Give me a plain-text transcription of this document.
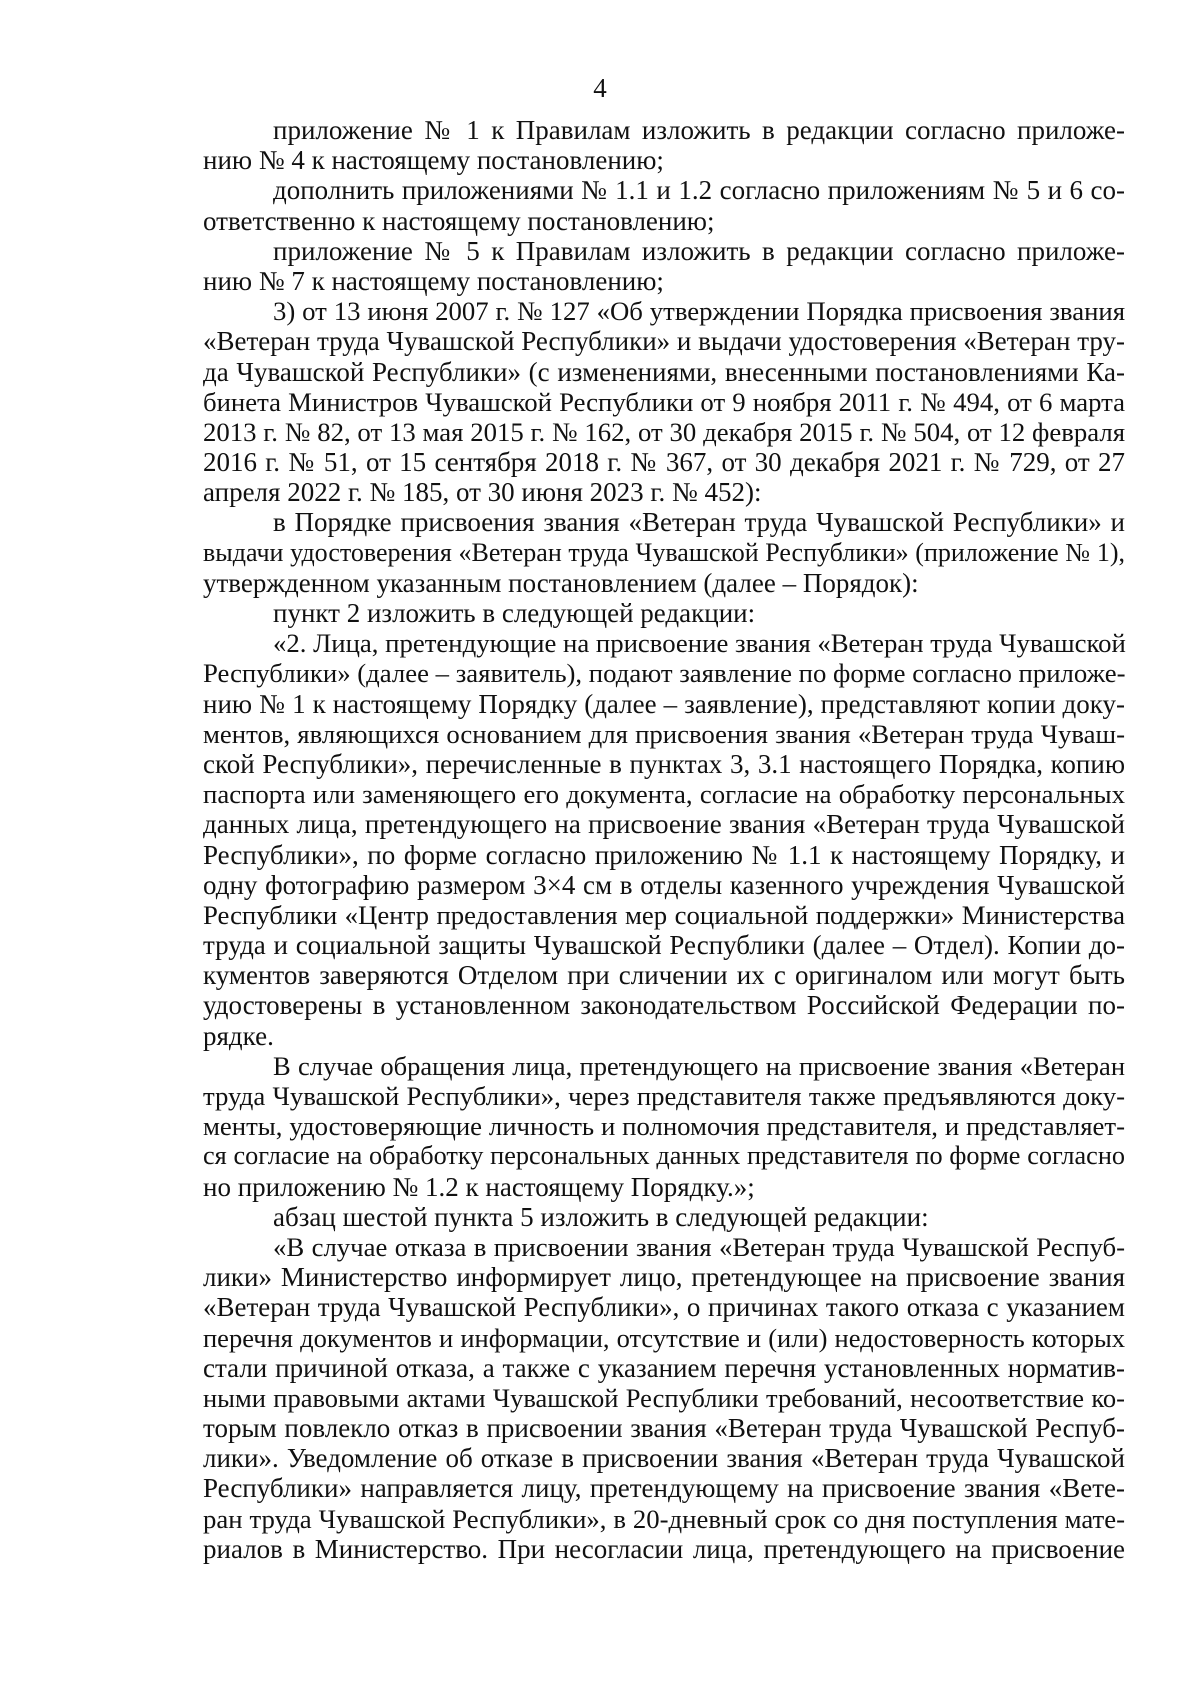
4
приложение № 1 к Правилам изложить в редакции согласно приложе-
нию № 4 к настоящему постановлению;
дополнить приложениями № 1.1 и 1.2 согласно приложениям № 5 и 6 со-
ответственно к настоящему постановлению;
приложение № 5 к Правилам изложить в редакции согласно приложе-
нию № 7 к настоящему постановлению;
3) от 13 июня 2007 г. № 127 «Об утверждении Порядка присвоения звания
«Ветеран труда Чувашской Республики» и выдачи удостоверения «Ветеран тру-
да Чувашской Республики» (с изменениями, внесенными постановлениями Ка-
бинета Министров Чувашской Республики от 9 ноября 2011 г. № 494, от 6 марта
2013 г. № 82, от 13 мая 2015 г. № 162, от 30 декабря 2015 г. № 504, от 12 февраля
2016 г. № 51, от 15 сентября 2018 г. № 367, от 30 декабря 2021 г. № 729, от 27
апреля 2022 г. № 185, от 30 июня 2023 г. № 452):
в Порядке присвоения звания «Ветеран труда Чувашской Республики» и
выдачи удостоверения «Ветеран труда Чувашской Республики» (приложение № 1),
утвержденном указанным постановлением (далее – Порядок):
пункт 2 изложить в следующей редакции:
«2. Лица, претендующие на присвоение звания «Ветеран труда Чувашской
Республики» (далее – заявитель), подают заявление по форме согласно приложе-
нию № 1 к настоящему Порядку (далее – заявление), представляют копии доку-
ментов, являющихся основанием для присвоения звания «Ветеран труда Чуваш-
ской Республики», перечисленные в пунктах 3, 3.1 настоящего Порядка, копию
паспорта или заменяющего его документа, согласие на обработку персональных
данных лица, претендующего на присвоение звания «Ветеран труда Чувашской
Республики», по форме согласно приложению № 1.1 к настоящему Порядку, и
одну фотографию размером 3×4 см в отделы казенного учреждения Чувашской
Республики «Центр предоставления мер социальной поддержки» Министерства
труда и социальной защиты Чувашской Республики (далее – Отдел). Копии до-
кументов заверяются Отделом при сличении их с оригиналом или могут быть
удостоверены в установленном законодательством Российской Федерации по-
рядке.
В случае обращения лица, претендующего на присвоение звания «Ветеран
труда Чувашской Республики», через представителя также предъявляются доку-
менты, удостоверяющие личность и полномочия представителя, и представляет-
ся согласие на обработку персональных данных представителя по форме согласно
но приложению № 1.2 к настоящему Порядку.»;
абзац шестой пункта 5 изложить в следующей редакции:
«В случае отказа в присвоении звания «Ветеран труда Чувашской Респуб-
лики» Министерство информирует лицо, претендующее на присвоение звания
«Ветеран труда Чувашской Республики», о причинах такого отказа с указанием
перечня документов и информации, отсутствие и (или) недостоверность которых
стали причиной отказа, а также с указанием перечня установленных норматив-
ными правовыми актами Чувашской Республики требований, несоответствие ко-
торым повлекло отказ в присвоении звания «Ветеран труда Чувашской Респуб-
лики». Уведомление об отказе в присвоении звания «Ветеран труда Чувашской
Республики» направляется лицу, претендующему на присвоение звания «Вете-
ран труда Чувашской Республики», в 20-дневный срок со дня поступления мате-
риалов в Министерство. При несогласии лица, претендующего на присвоение
